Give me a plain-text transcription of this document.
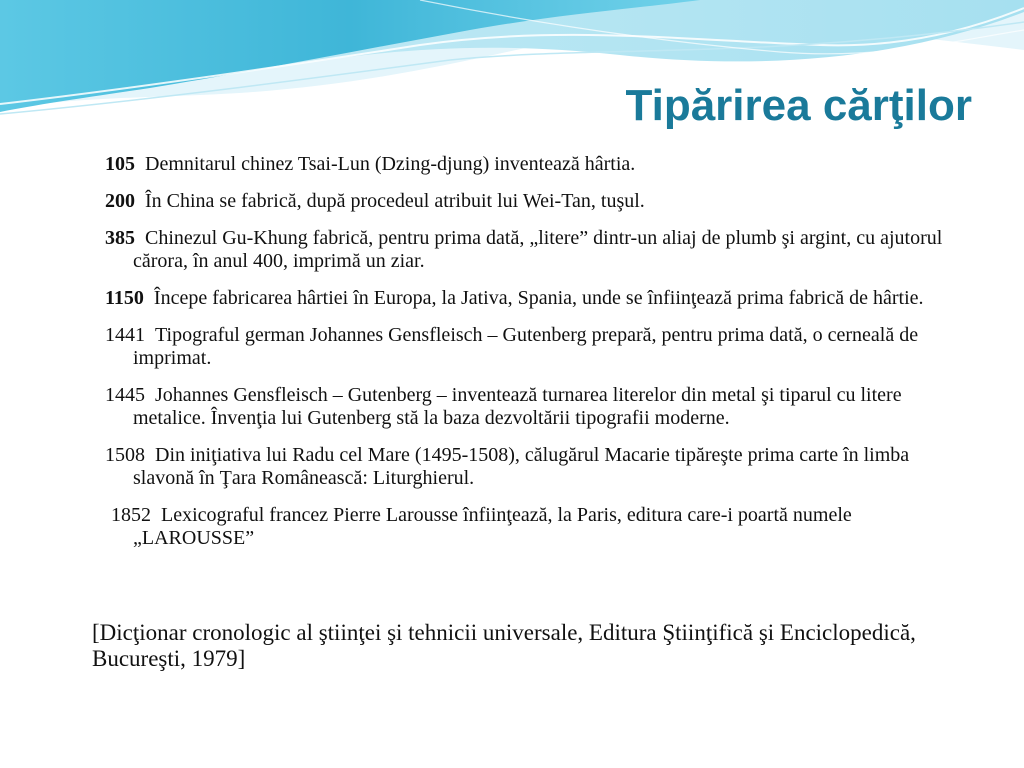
Tipărirea cărţilor
105 Demnitarul chinez Tsai-Lun (Dzing-djung) inventează hârtia.
200 În China se fabrică, după procedeul atribuit lui Wei-Tan, tuşul.
385 Chinezul Gu-Khung fabrică, pentru prima dată, „litere” dintr-un aliaj de plumb şi argint, cu ajutorul cărora, în anul 400, imprimă un ziar.
1150 Începe fabricarea hârtiei în Europa, la Jativa, Spania, unde se înfiinţează prima fabrică de hârtie.
1441 Tipograful german Johannes Gensfleisch – Gutenberg prepară, pentru prima dată, o cerneală de imprimat.
1445 Johannes Gensfleisch – Gutenberg – inventează turnarea literelor din metal şi tiparul cu litere metalice. Învenţia lui Gutenberg stă la baza dezvoltării tipografii moderne.
1508 Din iniţiativa lui Radu cel Mare (1495-1508), călugărul Macarie tipăreşte prima carte în limba slavonă în Ţara Românească: Liturghierul.
1852 Lexicograful francez Pierre Larousse înfiinţează, la Paris, editura care-i poartă numele „LAROUSSE”

[Dicţionar cronologic al ştiinţei şi tehnicii universale, Editura Ştiinţifică şi Enciclopedică, Bucureşti, 1979]
